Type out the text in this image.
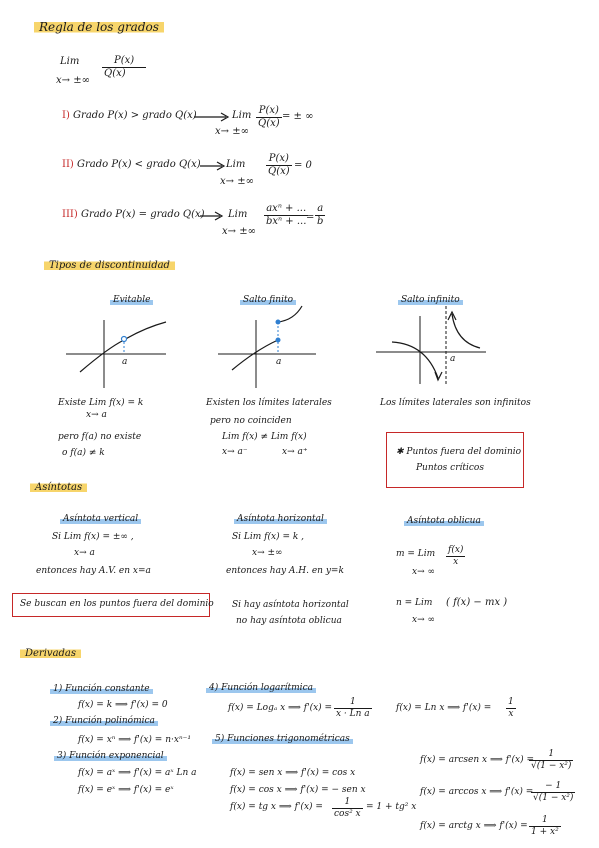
Regla de los grados
Lim
x→ ±∞
$\frac{P(x)}{Q(x)}$
I) Grado P(x) > grado Q(x)	Lim
x→ ±∞
$\frac{P(x)}{Q(x)}$ = ± ∞
II) Grado P(x) < grado Q(x)	Lim
x→ ±∞
$\frac{P(x)}{Q(x)} = 0$
III) Grado P(x) = grado Q(x) Lim
x→ ±∞
axⁿ + ...
bxⁿ + ... = $\frac{a}{b}$
Tipos de discontinuidad
Evitable	Salto finito	Salto infinito
a	a	a
Existe Lim f(x) = k
x→ a
pero f(a) no existe
o f(a) ≠ k
Existen los límites laterales
pero no coinciden
Lim f(x) ≠ Lim f(x)
x→ a⁻	x→ a⁺
Los límites laterales son infinitos
✱ Puntos fuera del dominio
Puntos críticos
Asíntotas
Asíntota vertical
Si Lim f(x) = ±∞ ,
x→ a
entonces hay A.V. en x=a
Se buscan en los puntos fuera del dominio
Asíntota horizontal
Si Lim f(x) = k ,
x→ ±∞
entonces hay A.H. en y=k
Si hay asíntota horizontal
no hay asíntota oblicua
Asíntota oblicua
m = Lim
x→ ∞
$\frac{f(x)}{x}$
n = Lim ( f(x) − mx )
x→ ∞
Derivadas
1) Función constante
f(x) = k ⟹ f'(x) = 0
2) Función polinómica
f(x) = xⁿ ⟹ f'(x) = n·xⁿ⁻¹
3) Función exponencial
f(x) = aˣ ⟹ f'(x) = aˣ Ln a
f(x) = eˣ ⟹ f'(x) = eˣ
4) Función logarítmica
f(x) = Logₐ x ⟹ $f'(x) = \frac{1}{\text{x · Ln a}}$	f(x) = Ln x ⟹ $f'(x) = \frac{1}{x}$
5) Funciones trigonométricas
f(x) = sen x ⟹ f'(x) = cos x
f(x) = cos x ⟹ f'(x) = − sen x
f(x) = tg x ⟹ $f'(x) = \frac{1}{\text{cos² x}} = 1 + tg^2$ x
f(x) = arcsen x ⟹ f'(x) =
$\frac{1}{\text{√(1 − x²)}}$
f(x) = arccos x ⟹ f'(x) =
$\frac{- 1}{\text{√(1 − x²)}}$
f(x) = arctg x ⟹ $f'(x) = \frac{1}{\text{1 + x²}}$
